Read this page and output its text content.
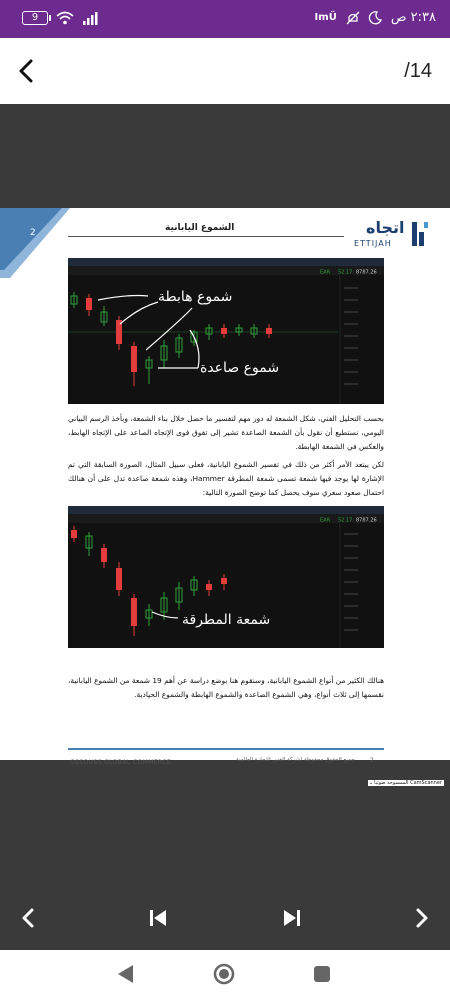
9	ImÜ	٢:٣٨ ص
/14
2	الشموع اليابانية	اتجاه
ETTIJAH
EAR 52.17 8787.26
شموع هابطة
شموع صاعدة
بحسب التحليل الفني، شكل الشمعة له دور مهم لتفسير ما حصل خلال بناء الشمعة، وبأخذ الرسم البياني اليومي، نستطيع أن نقول بأن الشمعة الصاعدة تشير إلى تفوق قوى الإتجاه الصاعد على الإتجاه الهابط، والعكس في الشمعة الهابطة.
لكن يبتعد الأمر أكثر من ذلك في تفسير الشموع اليابانية، فعلى سبيل المثال، الصورة السابقة التي تم الإشارة لها يوجد فيها شمعة تسمى شمعة المطرقة Hammer، وهذه شمعة صاعدة تدل على أن هنالك احتمال صعود سعري سوف يحصل كما توضح الصورة التالية:
EAR 52.17 8787.26
شمعة المطرقة
هنالك الكثير من أنواع الشموع اليابانية، وسنقوم هنا بوضع دراسة عن أهم 19 شمعة من الشموع اليابانية، نقسمها إلى ثلاث أنواع، وهي الشموع الصاعدة والشموع الهابطة والشموع الحيادية.
GSSOUSS GLOBAL COMMERCE	جميع الحقوق محفوظة لشركة الغس للتجارة العالمية	2
الممسوحة ضوئيا بـ CamScanner
